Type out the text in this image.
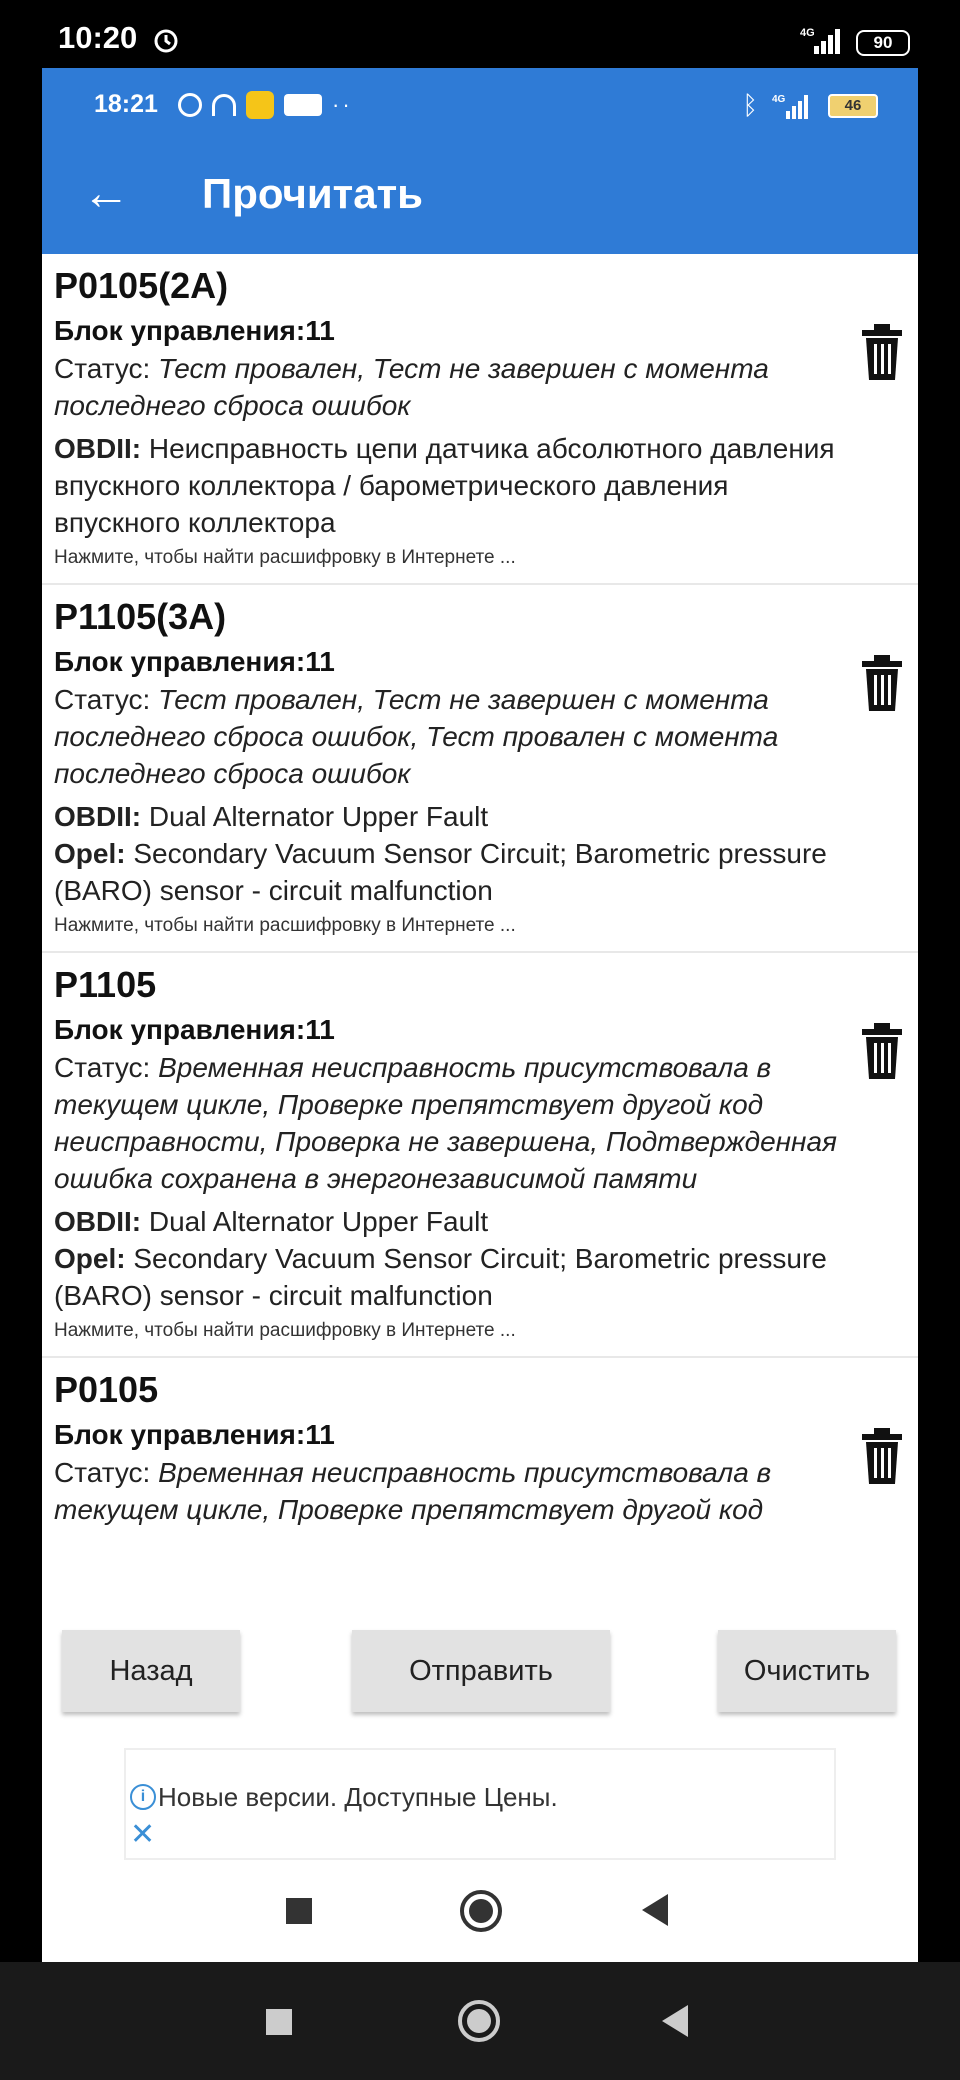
10:20	4G	90
18:21	··	ᛒ 4G	46
← Прочитать
P0105(2A)
Блок управления:11
Статус: Тест провален, Тест не завершен с момента последнего сброса ошибок
OBDII: Неисправность цепи датчика абсолютного давления впускного коллектора / барометрического давления впускного коллектора
Нажмите, чтобы найти расшифровку в Интернете ...
P1105(3A)
Блок управления:11
Статус: Тест провален, Тест не завершен с момента последнего сброса ошибок, Тест провален с момента последнего сброса ошибок
OBDII: Dual Alternator Upper Fault
Opel: Secondary Vacuum Sensor Circuit; Barometric pressure (BARO) sensor - circuit malfunction
Нажмите, чтобы найти расшифровку в Интернете ...
P1105
Блок управления:11
Статус: Временная неисправность присутствовала в текущем цикле, Проверке препятствует другой код неисправности, Проверка не завершена, Подтвержденная ошибка сохранена в энергонезависимой памяти
OBDII: Dual Alternator Upper Fault
Opel: Secondary Vacuum Sensor Circuit; Barometric pressure (BARO) sensor - circuit malfunction
Нажмите, чтобы найти расшифровку в Интернете ...
P0105
Блок управления:11
Статус: Временная неисправность присутствовала в текущем цикле, Проверке препятствует другой код
Назад	Отправить	Очистить
i Новые версии. Доступные Цены.
✕
